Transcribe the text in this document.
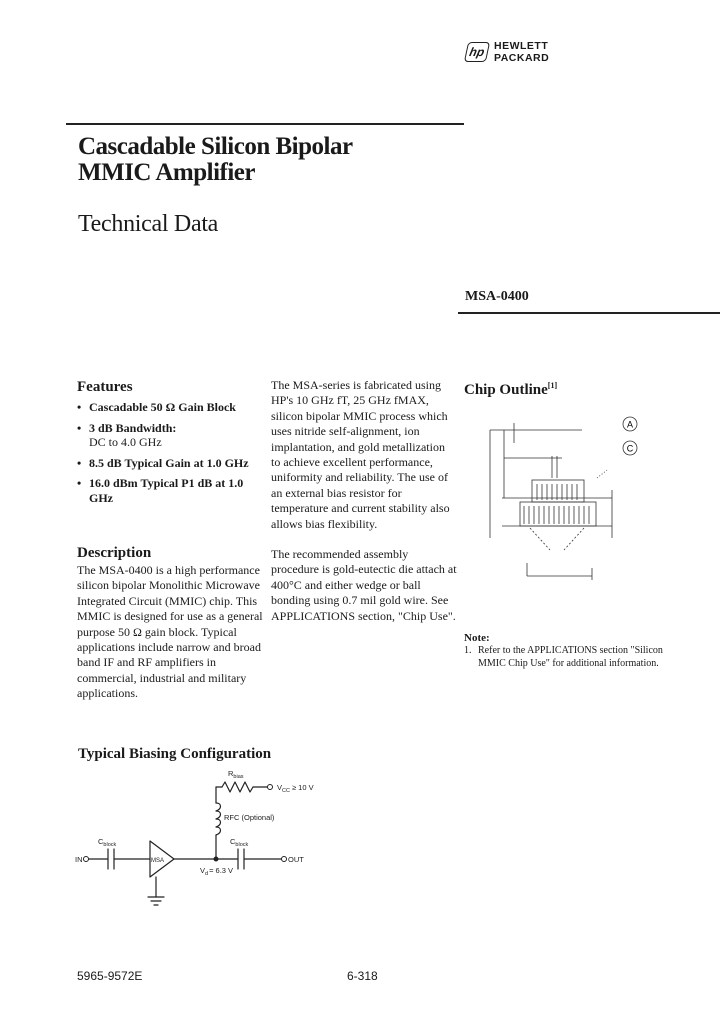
hp HEWLETT
PACKARD
Cascadable Silicon Bipolar
MMIC Amplifier
Technical Data
MSA-0400
Features
• Cascadable 50 Ω Gain Block
• 3 dB Bandwidth:
DC to 4.0 GHz
• 8.5 dB Typical Gain at 1.0 GHz
• 16.0 dBm Typical P1 dB at 1.0 GHz
Description

The MSA-0400 is a high performance silicon bipolar Monolithic Microwave Integrated Circuit (MMIC) chip. This MMIC is designed for use as a general purpose 50 Ω gain block. Typical applications include narrow and broad band IF and RF amplifiers in commercial, industrial and military applications.

The MSA-series is fabricated using HP's 10 GHz fT, 25 GHz fMAX, silicon bipolar MMIC process which uses nitride self-alignment, ion implantation, and gold metallization to achieve excellent performance, uniformity and reliability. The use of an external bias resistor for temperature and current stability also allows bias flexibility.

The recommended assembly procedure is gold-eutectic die attach at 400°C and either wedge or ball bonding using 0.7 mil gold wire. See APPLICATIONS section, "Chip Use".

Chip Outline[1]
A
C
Note:
1. Refer to the APPLICATIONS section "Silicon MMIC Chip Use" for additional information.
Typical Biasing Configuration
$R_{bias}$
$V_{CC} \ge 10$ V
RFC (Optional)
$C_{block}$	$C_{block}$
IN	OUT
MSA
$V_d= 6.3$ V
5965-9572E	6-318
